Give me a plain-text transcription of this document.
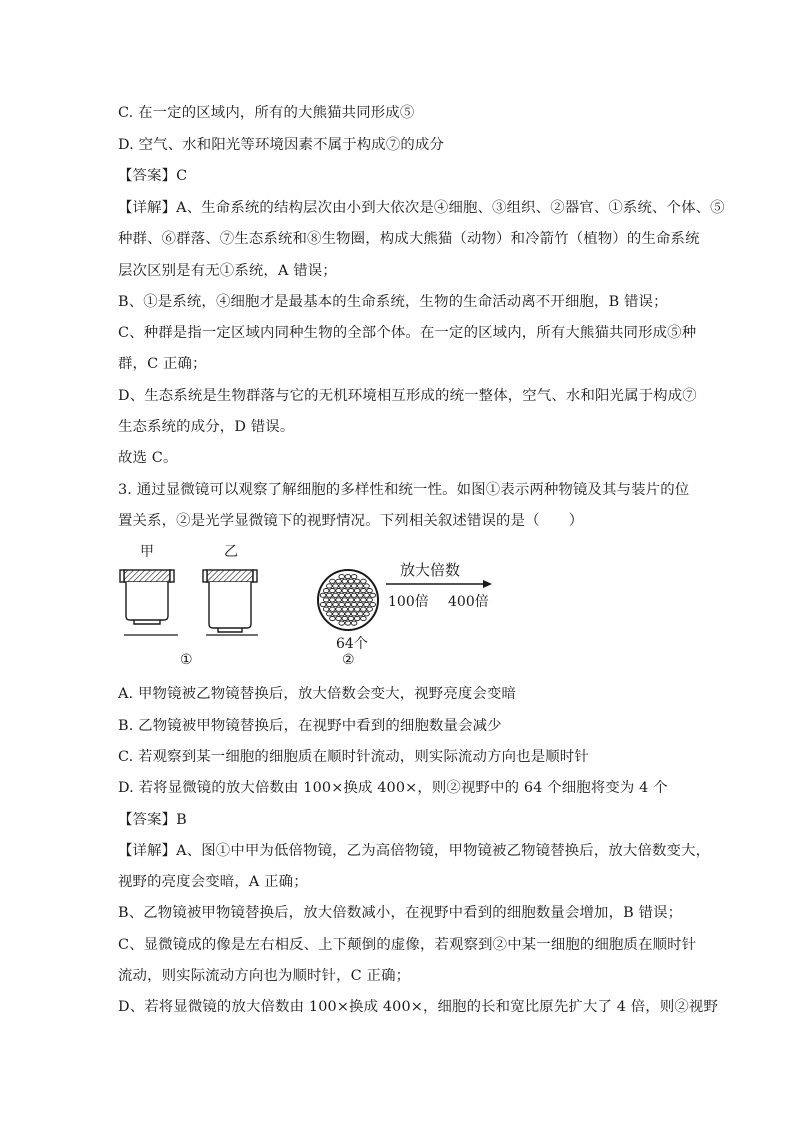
C. 在一定的区域内，所有的大熊猫共同形成⑤
D. 空气、水和阳光等环境因素不属于构成⑦的成分
【答案】C
【详解】A、生命系统的结构层次由小到大依次是④细胞、③组织、②器官、①系统、个体、⑤
种群、⑥群落、⑦生态系统和⑧生物圈，构成大熊猫（动物）和冷箭竹（植物）的生命系统
层次区别是有无①系统，A 错误；
B、①是系统，④细胞才是最基本的生命系统，生物的生命活动离不开细胞，B 错误；
C、种群是指一定区域内同种生物的全部个体。在一定的区域内，所有大熊猫共同形成⑤种
群，C 正确；
D、生态系统是生物群落与它的无机环境相互形成的统一整体，空气、水和阳光属于构成⑦
生态系统的成分，D 错误。
故选 C。
3. 通过显微镜可以观察了解细胞的多样性和统一性。如图①表示两种物镜及其与装片的位
置关系，②是光学显微镜下的视野情况。下列相关叙述错误的是（　　）
甲	乙
①
64个
②
放大倍数
100倍 400倍
A. 甲物镜被乙物镜替换后，放大倍数会变大，视野亮度会变暗
B. 乙物镜被甲物镜替换后，在视野中看到的细胞数量会减少
C. 若观察到某一细胞的细胞质在顺时针流动，则实际流动方向也是顺时针
D. 若将显微镜的放大倍数由 100×换成 400×，则②视野中的 64 个细胞将变为 4 个
【答案】B
【详解】A、图①中甲为低倍物镜，乙为高倍物镜，甲物镜被乙物镜替换后，放大倍数变大，
视野的亮度会变暗，A 正确；
B、乙物镜被甲物镜替换后，放大倍数减小，在视野中看到的细胞数量会增加，B 错误；
C、显微镜成的像是左右相反、上下颠倒的虚像，若观察到②中某一细胞的细胞质在顺时针
流动，则实际流动方向也为顺时针，C 正确；
D、若将显微镜的放大倍数由 100×换成 400×，细胞的长和宽比原先扩大了 4 倍，则②视野
